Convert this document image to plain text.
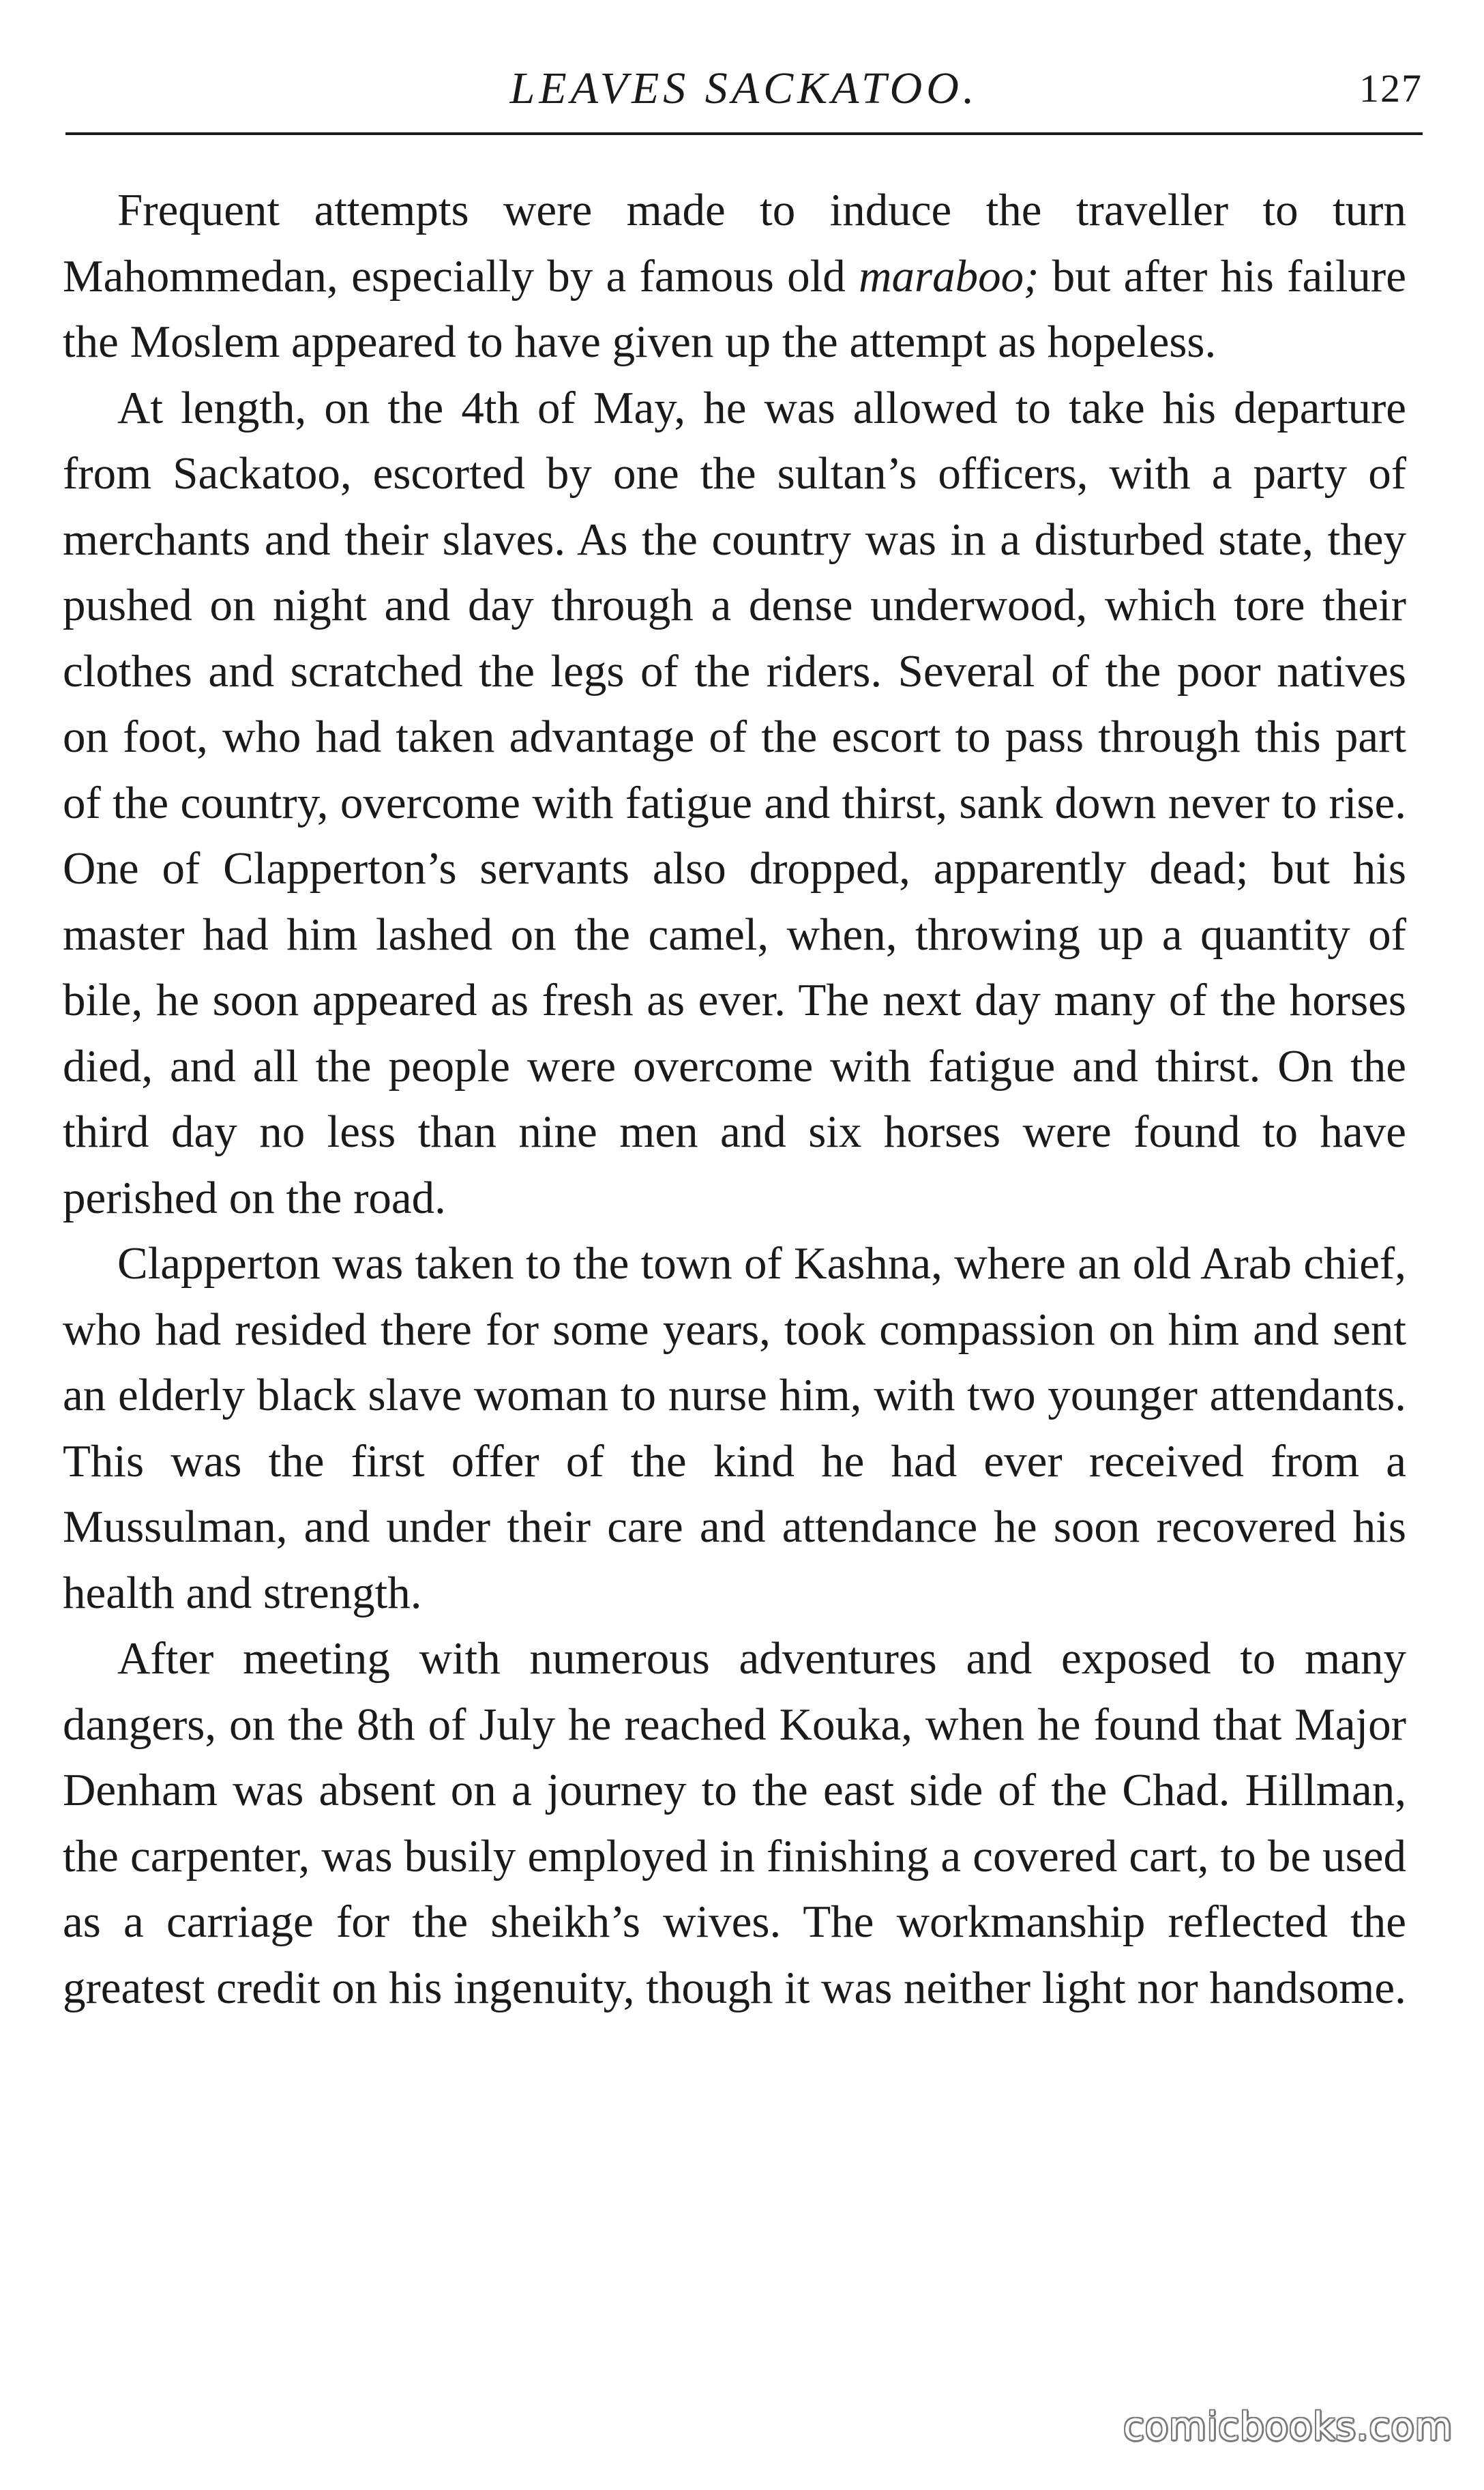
LEAVES SACKATOO.	127

Frequent attempts were made to induce the traveller to turn Mahommedan, especially by a famous old maraboo; but after his failure the Moslem appeared to have given up the attempt as hopeless.

At length, on the 4th of May, he was allowed to take his departure from Sackatoo, escorted by one the sultan’s officers, with a party of merchants and their slaves. As the country was in a disturbed state, they pushed on night and day through a dense underwood, which tore their clothes and scratched the legs of the riders. Several of the poor natives on foot, who had taken advantage of the escort to pass through this part of the country, overcome with fatigue and thirst, sank down never to rise. One of Clapperton’s servants also dropped, apparently dead; but his master had him lashed on the camel, when, throwing up a quantity of bile, he soon appeared as fresh as ever. The next day many of the horses died, and all the people were overcome with fatigue and thirst. On the third day no less than nine men and six horses were found to have perished on the road.

Clapperton was taken to the town of Kashna, where an old Arab chief, who had resided there for some years, took compassion on him and sent an elderly black slave woman to nurse him, with two younger attendants. This was the first offer of the kind he had ever received from a Mussulman, and under their care and attendance he soon recovered his health and strength.

After meeting with numerous adventures and exposed to many dangers, on the 8th of July he reached Kouka, when he found that Major Denham was absent on a journey to the east side of the Chad. Hillman, the carpenter, was busily employed in finishing a covered cart, to be used as a carriage for the sheikh’s wives. The workmanship reflected the greatest credit on his ingenuity, though it was neither light nor handsome.

comicbooks.com
